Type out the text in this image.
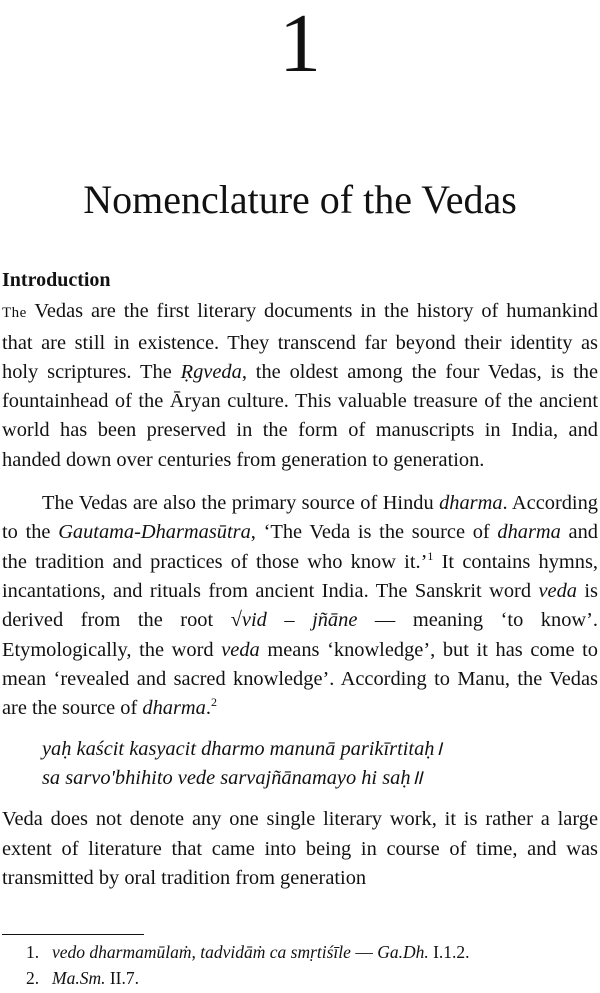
1
Nomenclature of the Vedas
Introduction

The Vedas are the first literary documents in the history of humankind that are still in existence. They transcend far beyond their identity as holy scriptures. The Ṛgveda, the oldest among the four Vedas, is the fountainhead of the Āryan culture. This valuable treasure of the ancient world has been preserved in the form of manuscripts in India, and handed down over centuries from generation to generation.

The Vedas are also the primary source of Hindu dharma. According to the Gautama-Dharmasūtra, ‘The Veda is the source of dharma and the tradition and practices of those who know it.’$^1$ It contains hymns, incantations, and rituals from ancient India. The Sanskrit word veda is derived from the root √vid – jñāne — meaning ‘to know’. Etymologically, the word veda means ‘knowledge’, but it has come to mean ‘revealed and sacred knowledge’. According to Manu, the Vedas are the source of dharma.$^2$

yaḥ kaścit kasyacit dharmo manunā parikīrtitaḥ।
sa sarvo'bhihito vede sarvajñānamayo hi saḥ॥

Veda does not denote any one single literary work, it is rather a large extent of literature that came into being in course of time, and was transmitted by oral tradition from generation

1. vedo dharmamūlaṁ, tadvidāṁ ca smṛtiśīle — Ga.Dh. I.1.2.
2. Ma.Sm. II.7.
